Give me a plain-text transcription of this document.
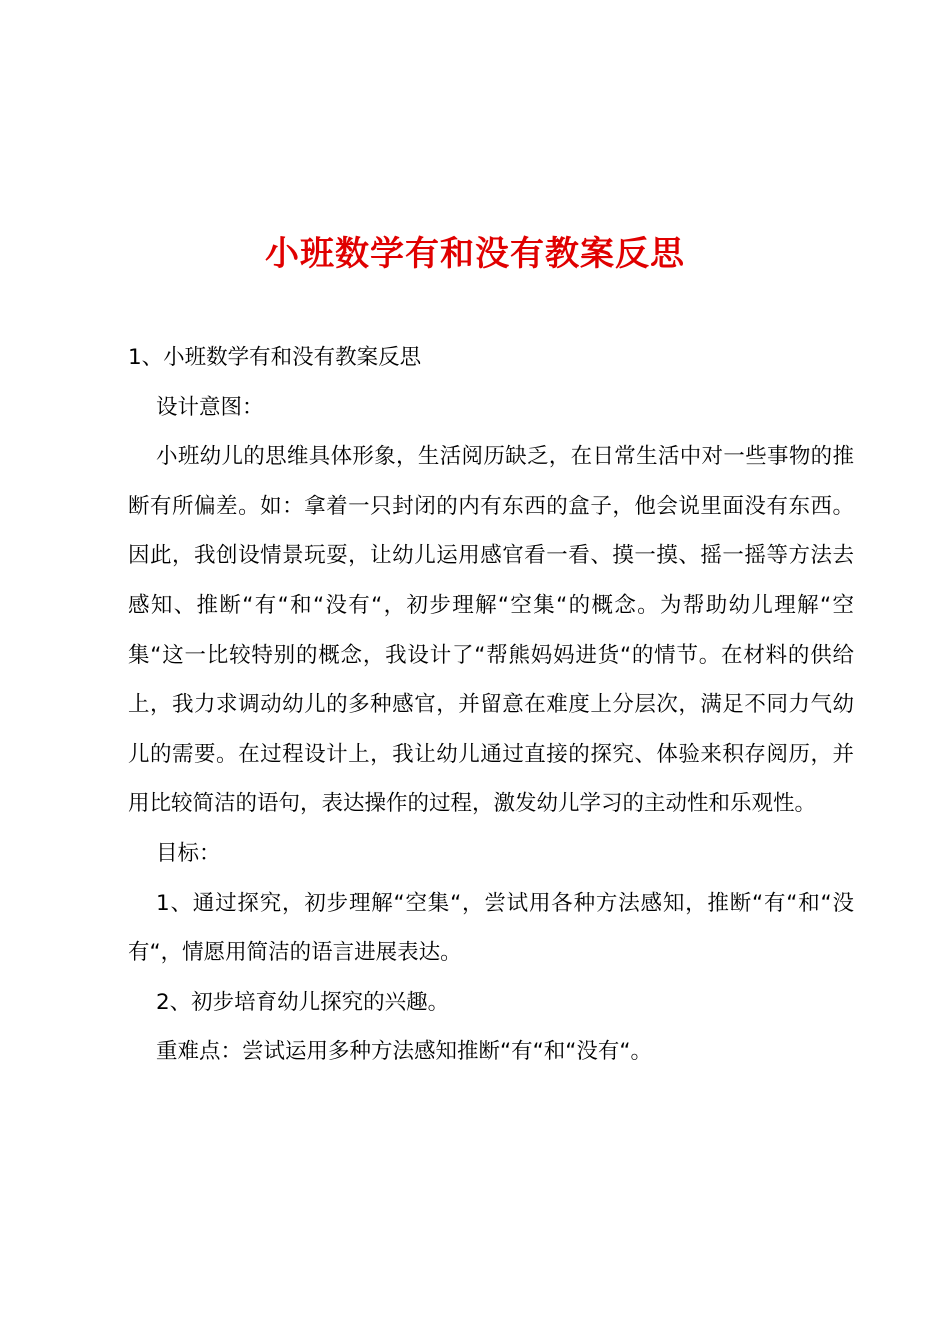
小班数学有和没有教案反思

1、小班数学有和没有教案反思

设计意图：

小班幼儿的思维具体形象，生活阅历缺乏，在日常生活中对一些事物的推断有所偏差。如：拿着一只封闭的内有东西的盒子，他会说里面没有东西。因此，我创设情景玩耍，让幼儿运用感官看一看、摸一摸、摇一摇等方法去感知、推断“有“和“没有“，初步理解“空集“的概念。为帮助幼儿理解“空集“这一比较特别的概念，我设计了“帮熊妈妈进货“的情节。在材料的供给上，我力求调动幼儿的多种感官，并留意在难度上分层次，满足不同力气幼儿的需要。在过程设计上，我让幼儿通过直接的探究、体验来积存阅历，并用比较简洁的语句，表达操作的过程，激发幼儿学习的主动性和乐观性。

目标：

1、通过探究，初步理解“空集“，尝试用各种方法感知，推断“有“和“没有“，情愿用简洁的语言进展表达。

2、初步培育幼儿探究的兴趣。

重难点：尝试运用多种方法感知推断“有“和“没有“。
